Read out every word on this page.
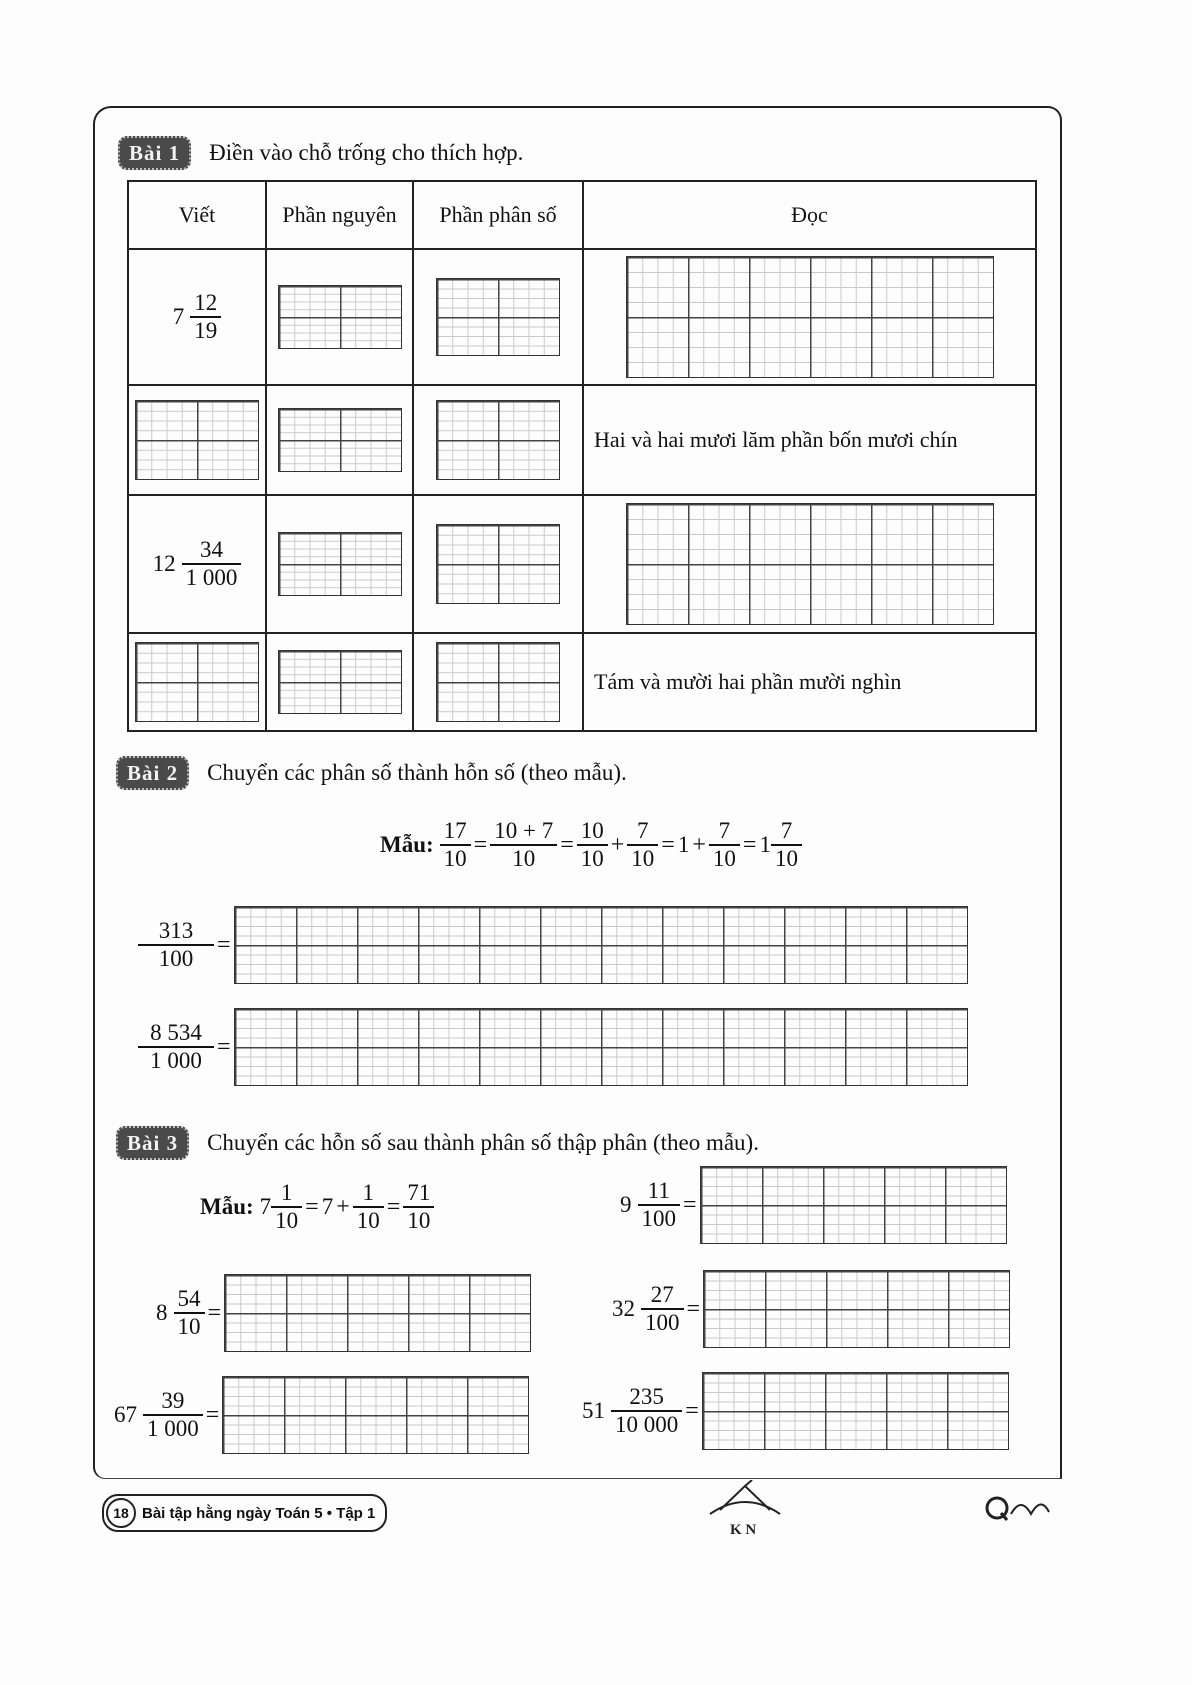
Bài 1 Điền vào chỗ trống cho thích hợp.
Viết	Phần nguyên	Phần phân số	Đọc

$7 \frac{12}{19}$

			Hai và hai mươi lăm phần bốn mươi chín

$12 \frac{34}{1 000}$

			Tám và mười hai phần mười nghìn
Bài 2 Chuyển các phân số thành hỗn số (theo mẫu).
Mẫu: $\frac{17}{10} = \frac{10 + 7}{10} = \frac{10}{10} + \frac{7}{10} = 1 + \frac{7}{10} = 1 \frac{7}{10}$
$\frac{313}{100}$ =
$\frac{8 534}{1 000}$ =
Bài 3 Chuyển các hỗn số sau thành phân số thập phân (theo mẫu).
Mẫu: $7 \frac{1}{10} = 7 + \frac{1}{10} = \frac{71}{10}$	$9 \frac{11}{100}$ =
$8 \frac{54}{10}$ =	$32 \frac{27}{100}$ =
$67 \frac{39}{1 000}$ =	$51 \frac{235}{10 000}$ =
18 Bài tập hằng ngày Toán 5 • Tập 1
K N
